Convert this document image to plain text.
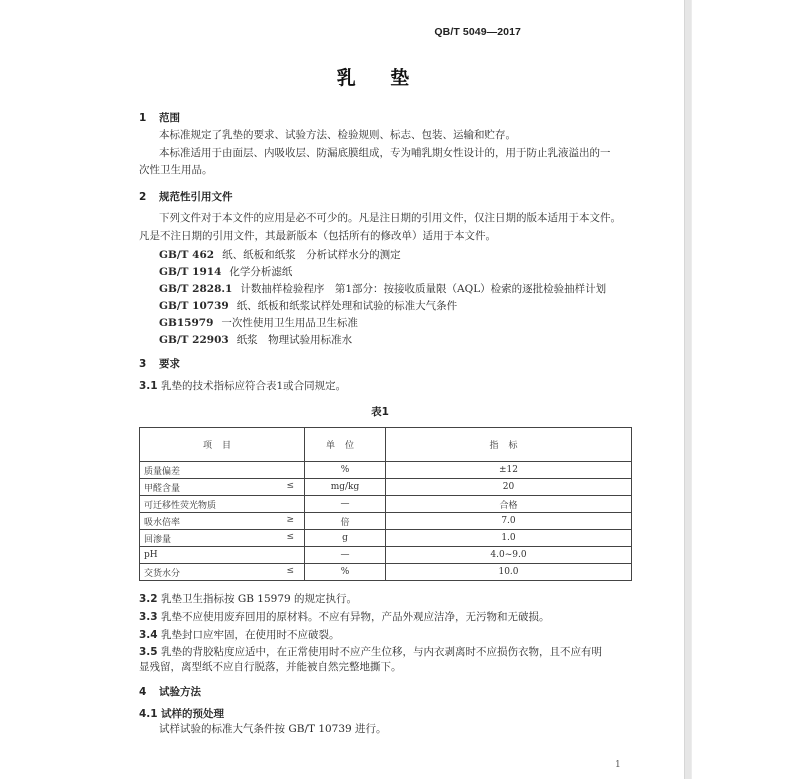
QB/T 5049—2017
乳 垫
1 范围
本标准规定了乳垫的要求、试验方法、检验规则、标志、包装、运输和贮存。
本标准适用于由面层、内吸收层、防漏底膜组成，专为哺乳期女性设计的，用于防止乳液溢出的一
次性卫生用品。
2 规范性引用文件
下列文件对于本文件的应用是必不可少的。凡是注日期的引用文件，仅注日期的版本适用于本文件。
凡是不注日期的引用文件，其最新版本（包括所有的修改单）适用于本文件。
GB/T 462 纸、纸板和纸浆　分析试样水分的测定
GB/T 1914 化学分析滤纸
GB/T 2828.1 计数抽样检验程序　第1部分：按接收质量限（AQL）检索的逐批检验抽样计划
GB/T 10739 纸、纸板和纸浆试样处理和试验的标准大气条件
GB15979 一次性使用卫生用品卫生标准
GB/T 22903 纸浆　物理试验用标准水
3 要求
3.1 乳垫的技术指标应符合表1或合同规定。
表1
项目	单位	指标
质量偏差	%	±12
甲醛含量 ≤	mg/kg	20
可迁移性荧光物质	—	合格
吸水倍率 ≥	倍	7.0
回渗量 ≤	g	1.0
pH	—	4.0~9.0
交货水分 ≤	%	10.0
3.2 乳垫卫生指标按 GB 15979 的规定执行。
3.3 乳垫不应使用废弃回用的原材料。不应有异物，产品外观应洁净，无污物和无破损。
3.4 乳垫封口应牢固，在使用时不应破裂。
3.5 乳垫的背胶粘度应适中，在正常使用时不应产生位移，与内衣剥离时不应损伤衣物，且不应有明
显残留，离型纸不应自行脱落，并能被自然完整地撕下。
4 试验方法
4.1 试样的预处理
试样试验的标准大气条件按 GB/T 10739 进行。
1
